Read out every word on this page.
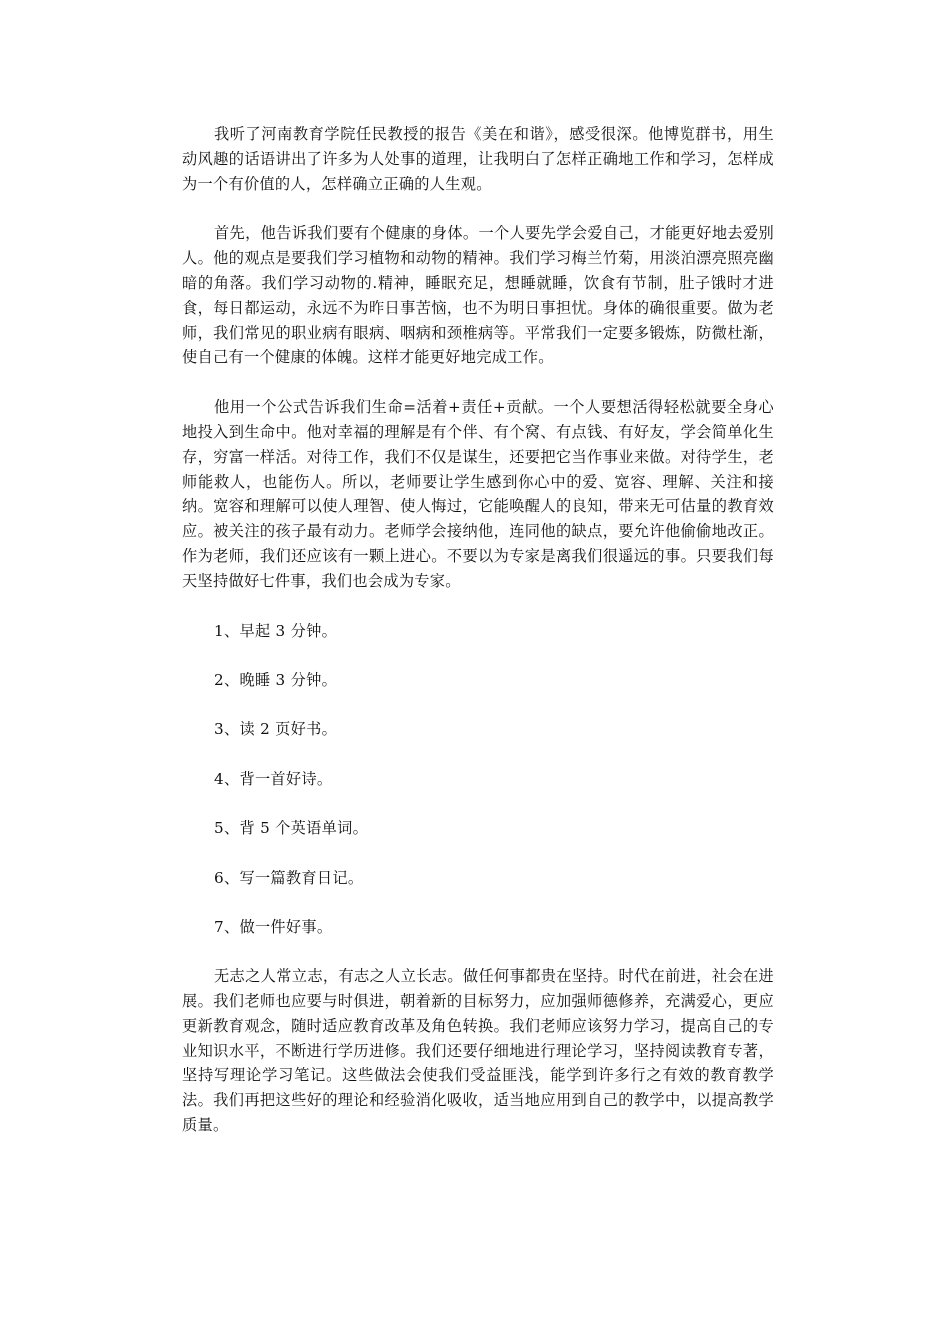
我听了河南教育学院任民教授的报告《美在和谐》，感受很深。他博览群书，用生动风趣的话语讲出了许多为人处事的道理，让我明白了怎样正确地工作和学习，怎样成为一个有价值的人，怎样确立正确的人生观。

首先，他告诉我们要有个健康的身体。一个人要先学会爱自己，才能更好地去爱别人。他的观点是要我们学习植物和动物的精神。我们学习梅兰竹菊，用淡泊漂亮照亮幽暗的角落。我们学习动物的.精神，睡眠充足，想睡就睡，饮食有节制，肚子饿时才进食，每日都运动，永远不为昨日事苦恼，也不为明日事担忧。身体的确很重要。做为老师，我们常见的职业病有眼病、咽病和颈椎病等。平常我们一定要多锻炼，防微杜渐，使自己有一个健康的体魄。这样才能更好地完成工作。

他用一个公式告诉我们生命=活着+责任+贡献。一个人要想活得轻松就要全身心地投入到生命中。他对幸福的理解是有个伴、有个窝、有点钱、有好友，学会简单化生存，穷富一样活。对待工作，我们不仅是谋生，还要把它当作事业来做。对待学生，老师能救人，也能伤人。所以，老师要让学生感到你心中的爱、宽容、理解、关注和接纳。宽容和理解可以使人理智、使人悔过，它能唤醒人的良知，带来无可估量的教育效应。被关注的孩子最有动力。老师学会接纳他，连同他的缺点，要允许他偷偷地改正。作为老师，我们还应该有一颗上进心。不要以为专家是离我们很遥远的事。只要我们每天坚持做好七件事，我们也会成为专家。

1、早起 3 分钟。

2、晚睡 3 分钟。

3、读 2 页好书。

4、背一首好诗。

5、背 5 个英语单词。

6、写一篇教育日记。

7、做一件好事。

无志之人常立志，有志之人立长志。做任何事都贵在坚持。时代在前进，社会在进展。我们老师也应要与时俱进，朝着新的目标努力，应加强师德修养，充满爱心，更应更新教育观念，随时适应教育改革及角色转换。我们老师应该努力学习，提高自己的专业知识水平，不断进行学历进修。我们还要仔细地进行理论学习，坚持阅读教育专著，坚持写理论学习笔记。这些做法会使我们受益匪浅，能学到许多行之有效的教育教学法。我们再把这些好的理论和经验消化吸收，适当地应用到自己的教学中，以提高教学质量。
